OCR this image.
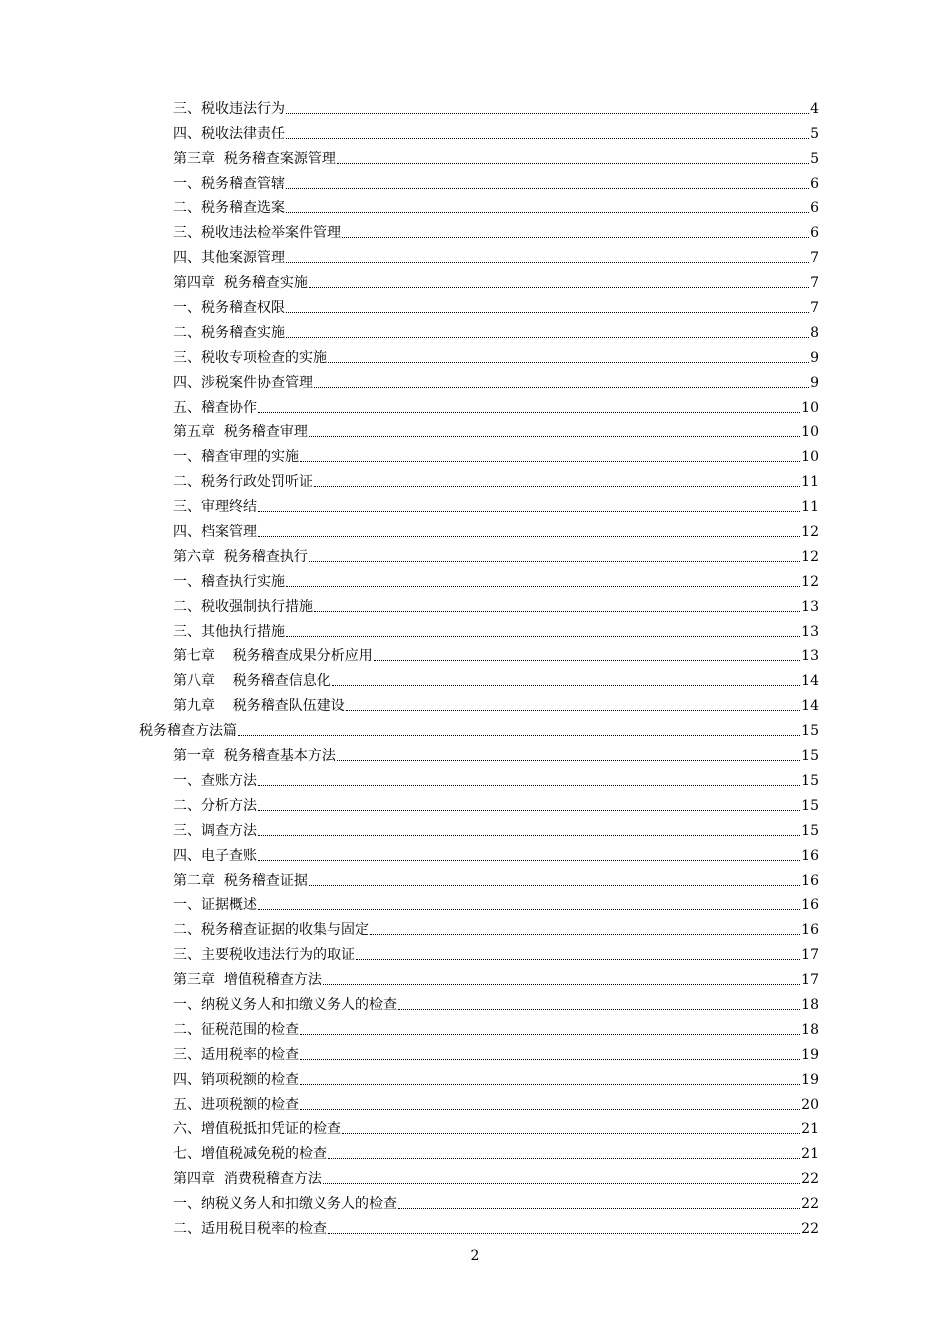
三、税收违法行为	4
四、税收法律责任	5
第三章  税务稽查案源管理	5
一、税务稽查管辖	6
二、税务稽查选案	6
三、税收违法检举案件管理	6
四、其他案源管理	7
第四章  税务稽查实施	7
一、税务稽查权限	7
二、税务稽查实施	8
三、税收专项检查的实施	9
四、涉税案件协查管理	9
五、稽查协作	10
第五章  税务稽查审理	10
一、稽查审理的实施	10
二、税务行政处罚听证	11
三、审理终结	11
四、档案管理	12
第六章  税务稽查执行	12
一、稽查执行实施	12
二、税收强制执行措施	13
三、其他执行措施	13
第七章    税务稽查成果分析应用	13
第八章    税务稽查信息化	14
第九章    税务稽查队伍建设	14
税务稽查方法篇	15
第一章  税务稽查基本方法	15
一、查账方法	15
二、分析方法	15
三、调查方法	15
四、电子查账	16
第二章  税务稽查证据	16
一、证据概述	16
二、税务稽查证据的收集与固定	16
三、主要税收违法行为的取证	17
第三章  增值税稽查方法	17
一、纳税义务人和扣缴义务人的检查	18
二、征税范围的检查	18
三、适用税率的检查	19
四、销项税额的检查	19
五、进项税额的检查	20
六、增值税抵扣凭证的检查	21
七、增值税减免税的检查	21
第四章  消费税稽查方法	22
一、纳税义务人和扣缴义务人的检查	22
二、适用税目税率的检查	22
2
